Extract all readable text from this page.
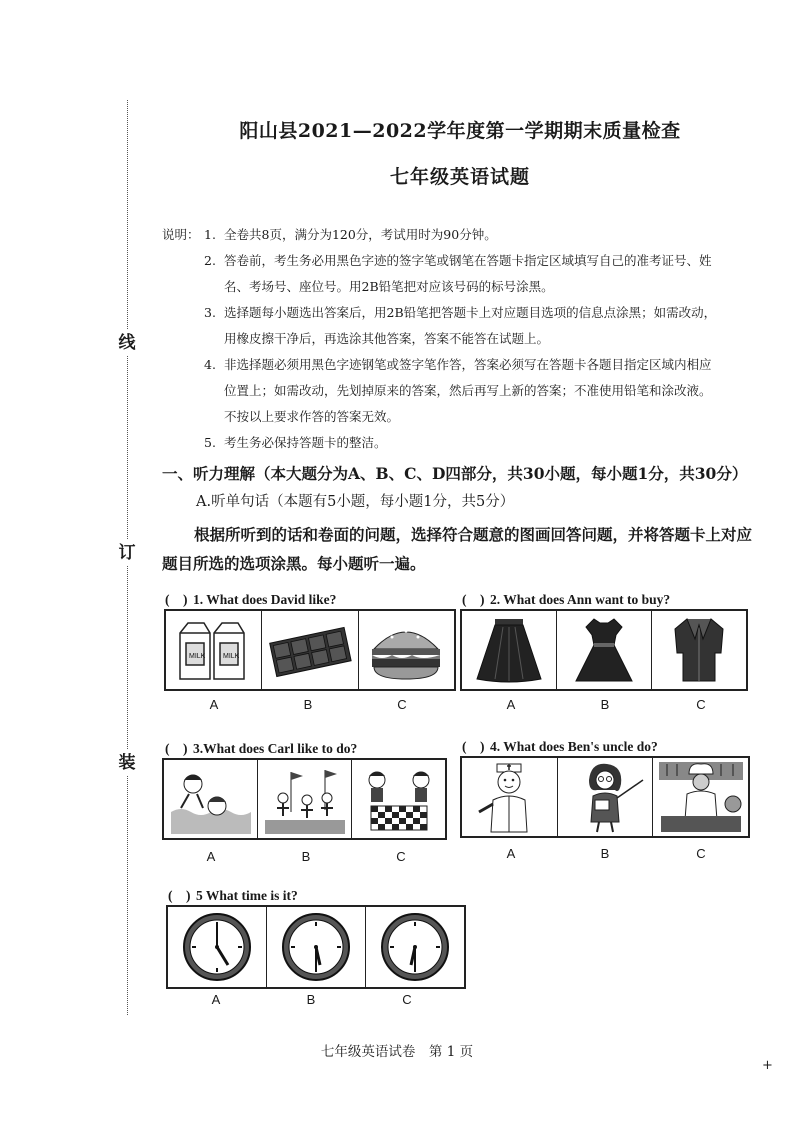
线
订
装
阳山县2021—2022学年度第一学期期末质量检查
七年级英语试题
说明： 1. 全卷共8页，满分为120分，考试用时为90分钟。
2. 答卷前，考生务必用黑色字迹的签字笔或钢笔在答题卡指定区域填写自己的准考证号、姓
名、考场号、座位号。用2B铅笔把对应该号码的标号涂黑。
3. 选择题每小题选出答案后，用2B铅笔把答题卡上对应题目选项的信息点涂黑；如需改动，
用橡皮擦干净后，再选涂其他答案，答案不能答在试题上。
4. 非选择题必须用黑色字迹钢笔或签字笔作答，答案必须写在答题卡各题目指定区域内相应
位置上；如需改动，先划掉原来的答案，然后再写上新的答案；不准使用铅笔和涂改液。
不按以上要求作答的答案无效。
5. 考生务必保持答题卡的整洁。
一、听力理解（本大题分为A、B、C、D四部分，共30小题，每小题1分，共30分）
A.听单句话（本题有5小题，每小题1分，共5分）
根据所听到的话和卷面的问题，选择符合题意的图画回答问题，并将答题卡上对应题目所选的选项涂黑。每小题听一遍。
(　) 1. What does David like?
MILK	MILK
A	B	C
(　) 2. What does Ann want to buy?
A	B	C
(　) 3.What does Carl like to do?
A	B	C
(　) 4. What does Ben's uncle do?
A	B	C
(　) 5 What time is it?
A	B	C
七年级英语试卷　第 1 页
+
